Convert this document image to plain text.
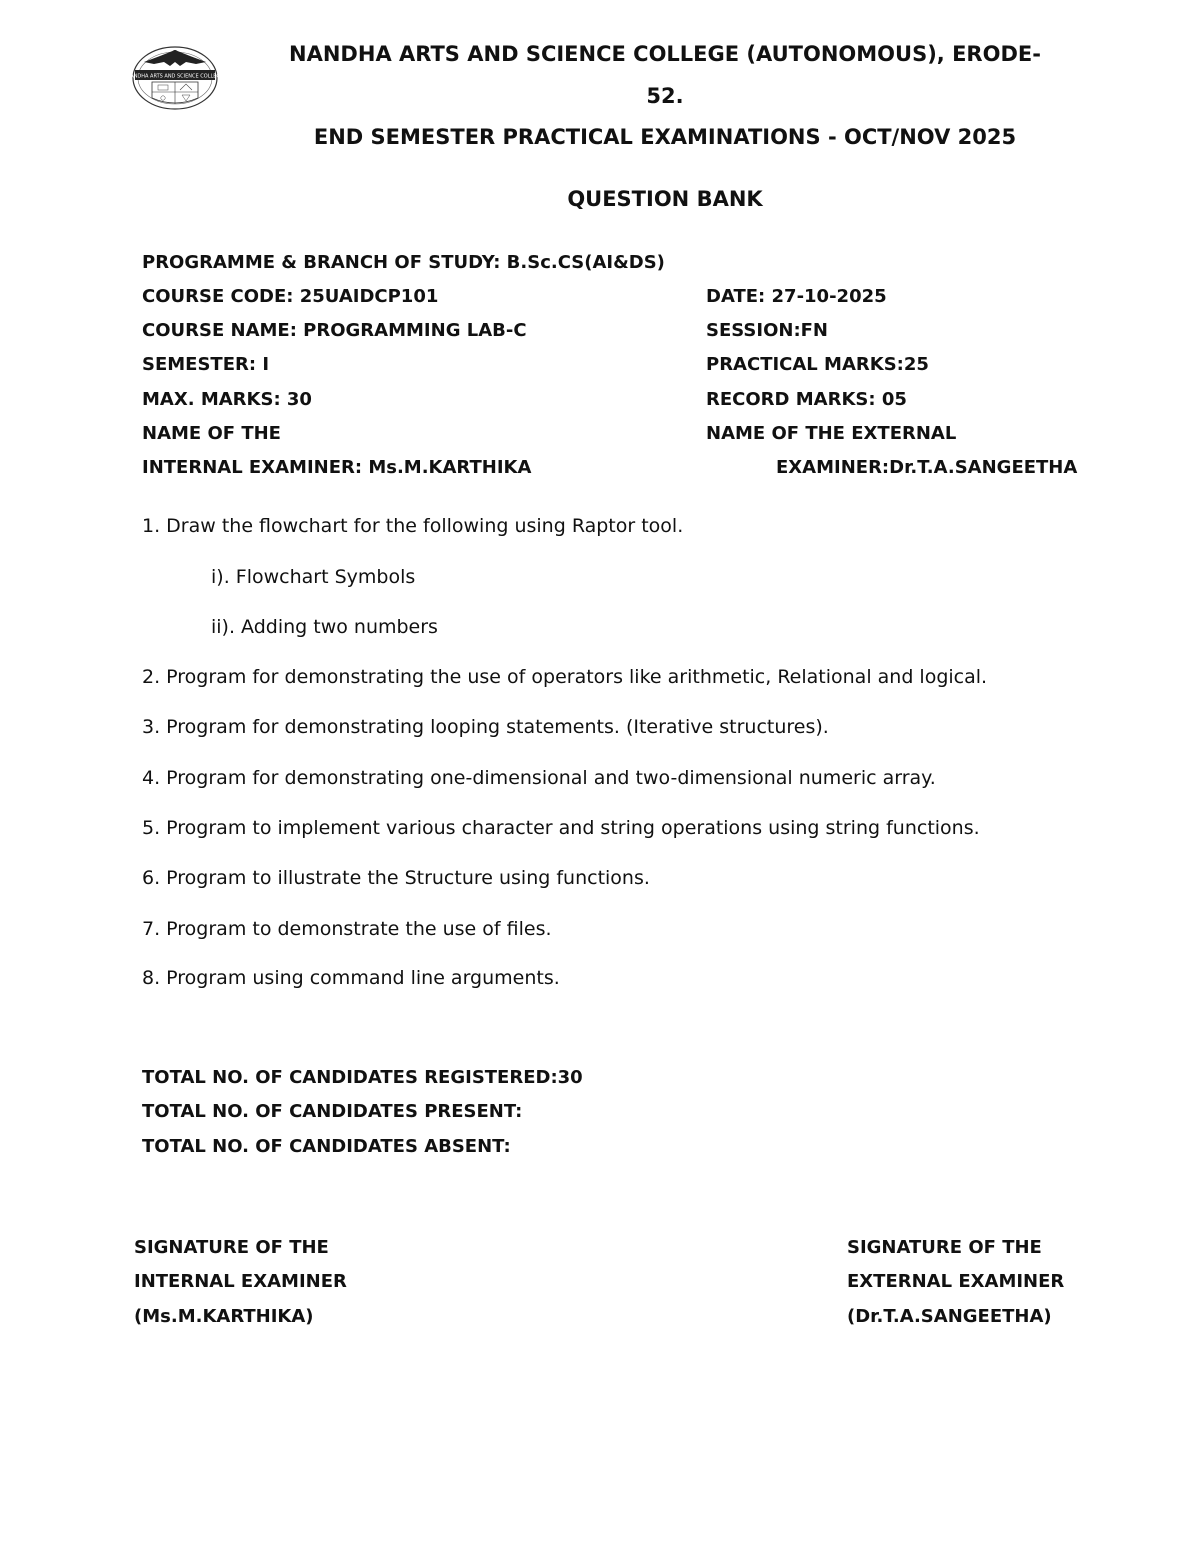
NANDHA ARTS AND SCIENCE COLLEGE
NANDHA ARTS AND SCIENCE COLLEGE (AUTONOMOUS), ERODE-
52.
END SEMESTER PRACTICAL EXAMINATIONS - OCT/NOV 2025
QUESTION BANK
PROGRAMME & BRANCH OF STUDY: B.Sc.CS(AI&DS)
COURSE CODE: 25UAIDCP101	DATE: 27-10-2025
COURSE NAME: PROGRAMMING LAB-C	SESSION:FN
SEMESTER: I	PRACTICAL MARKS:25
MAX. MARKS: 30	RECORD MARKS: 05
NAME OF THE	NAME OF THE EXTERNAL
INTERNAL EXAMINER: Ms.M.KARTHIKA	EXAMINER:Dr.T.A.SANGEETHA
1. Draw the flowchart for the following using Raptor tool.
i). Flowchart Symbols
ii). Adding two numbers
2. Program for demonstrating the use of operators like arithmetic, Relational and logical.
3. Program for demonstrating looping statements. (Iterative structures).
4. Program for demonstrating one-dimensional and two-dimensional numeric array.
5. Program to implement various character and string operations using string functions.
6. Program to illustrate the Structure using functions.
7. Program to demonstrate the use of files.
8. Program using command line arguments.
TOTAL NO. OF CANDIDATES REGISTERED:30
TOTAL NO. OF CANDIDATES PRESENT:
TOTAL NO. OF CANDIDATES ABSENT:
SIGNATURE OF THE
INTERNAL EXAMINER
(Ms.M.KARTHIKA)
SIGNATURE OF THE
EXTERNAL EXAMINER
(Dr.T.A.SANGEETHA)
